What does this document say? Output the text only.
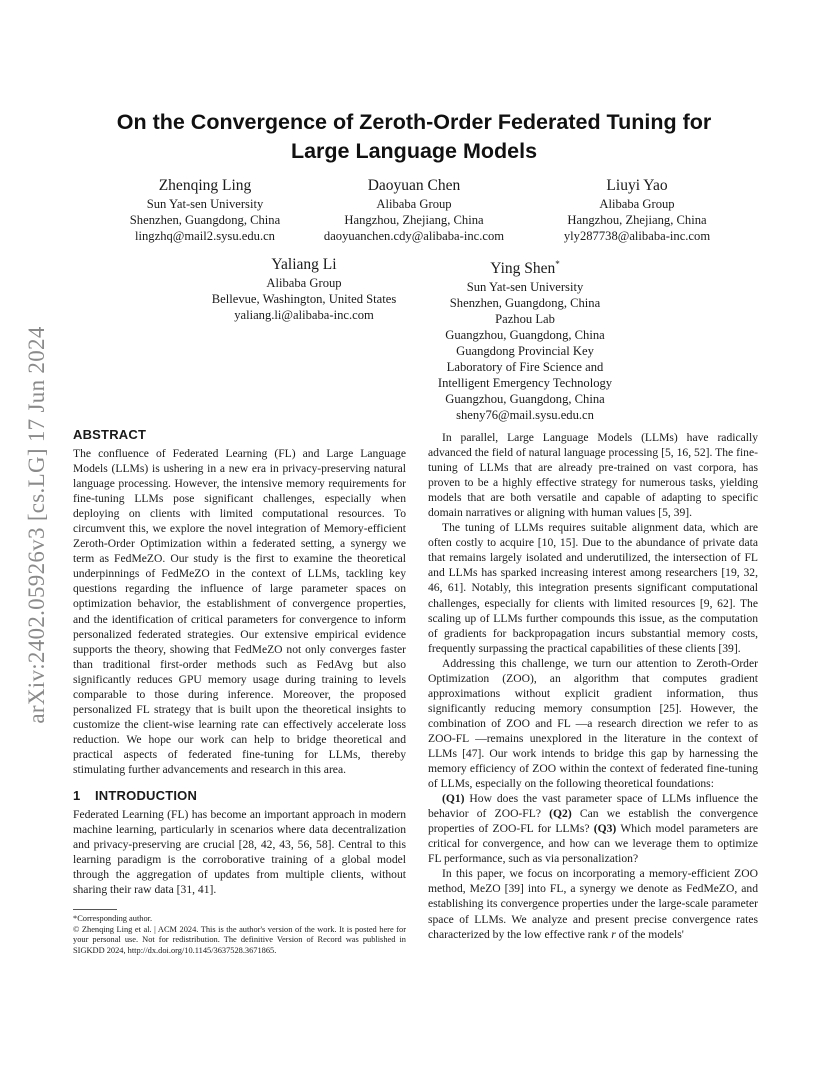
arXiv:2402.05926v3 [cs.LG] 17 Jun 2024
On the Convergence of Zeroth-Order Federated Tuning for
Large Language Models
Zhenqing Ling
Sun Yat-sen University
Shenzhen, Guangdong, China
lingzhq@mail2.sysu.edu.cn
Daoyuan Chen
Alibaba Group
Hangzhou, Zhejiang, China
daoyuanchen.cdy@alibaba-inc.com
Liuyi Yao
Alibaba Group
Hangzhou, Zhejiang, China
yly287738@alibaba-inc.com
Yaliang Li
Alibaba Group
Bellevue, Washington, United States
yaliang.li@alibaba-inc.com
Ying Shen*
Sun Yat-sen University
Shenzhen, Guangdong, China
Pazhou Lab
Guangzhou, Guangdong, China
Guangdong Provincial Key
Laboratory of Fire Science and
Intelligent Emergency Technology
Guangzhou, Guangdong, China
sheny76@mail.sysu.edu.cn
ABSTRACT

The confluence of Federated Learning (FL) and Large Language Models (LLMs) is ushering in a new era in privacy-preserving natural language processing. However, the intensive memory requirements for fine-tuning LLMs pose significant challenges, especially when deploying on clients with limited computational resources. To circumvent this, we explore the novel integration of Memory-efficient Zeroth-Order Optimization within a federated setting, a synergy we term as FedMeZO. Our study is the first to examine the theoretical underpinnings of FedMeZO in the context of LLMs, tackling key questions regarding the influence of large parameter spaces on optimization behavior, the establishment of convergence properties, and the identification of critical parameters for convergence to inform personalized federated strategies. Our extensive empirical evidence supports the theory, showing that FedMeZO not only converges faster than traditional first-order methods such as FedAvg but also significantly reduces GPU memory usage during training to levels comparable to those during inference. Moreover, the proposed personalized FL strategy that is built upon the theoretical insights to customize the client-wise learning rate can effectively accelerate loss reduction. We hope our work can help to bridge theoretical and practical aspects of federated fine-tuning for LLMs, thereby stimulating further advancements and research in this area.

1 INTRODUCTION

Federated Learning (FL) has become an important approach in modern machine learning, particularly in scenarios where data decentralization and privacy-preserving are crucial [28, 42, 43, 56, 58]. Central to this learning paradigm is the corroborative training of a global model through the aggregation of updates from multiple clients, without sharing their raw data [31, 41].

*Corresponding author.

© Zhenqing Ling et al. | ACM 2024. This is the author's version of the work. It is posted here for your personal use. Not for redistribution. The definitive Version of Record was published in SIGKDD 2024, http://dx.doi.org/10.1145/3637528.3671865.

In parallel, Large Language Models (LLMs) have radically advanced the field of natural language processing [5, 16, 52]. The fine-tuning of LLMs that are already pre-trained on vast corpora, has proven to be a highly effective strategy for numerous tasks, yielding models that are both versatile and capable of adapting to specific domain narratives or aligning with human values [5, 39].

The tuning of LLMs requires suitable alignment data, which are often costly to acquire [10, 15]. Due to the abundance of private data that remains largely isolated and underutilized, the intersection of FL and LLMs has sparked increasing interest among researchers [19, 32, 46, 61]. Notably, this integration presents significant computational challenges, especially for clients with limited resources [9, 62]. The scaling up of LLMs further compounds this issue, as the computation of gradients for backpropagation incurs substantial memory costs, frequently surpassing the practical capabilities of these clients [39].

Addressing this challenge, we turn our attention to Zeroth-Order Optimization (ZOO), an algorithm that computes gradient approximations without explicit gradient information, thus significantly reducing memory consumption [25]. However, the combination of ZOO and FL —a research direction we refer to as ZOO-FL —remains unexplored in the literature in the context of LLMs [47]. Our work intends to bridge this gap by harnessing the memory efficiency of ZOO within the context of federated fine-tuning of LLMs, especially on the following theoretical foundations:

(Q1) How does the vast parameter space of LLMs influence the behavior of ZOO-FL? (Q2) Can we establish the convergence properties of ZOO-FL for LLMs? (Q3) Which model parameters are critical for convergence, and how can we leverage them to optimize FL performance, such as via personalization?

In this paper, we focus on incorporating a memory-efficient ZOO method, MeZO [39] into FL, a synergy we denote as FedMeZO, and establishing its convergence properties under the large-scale parameter space of LLMs. We analyze and present precise convergence rates characterized by the low effective rank r of the models'
